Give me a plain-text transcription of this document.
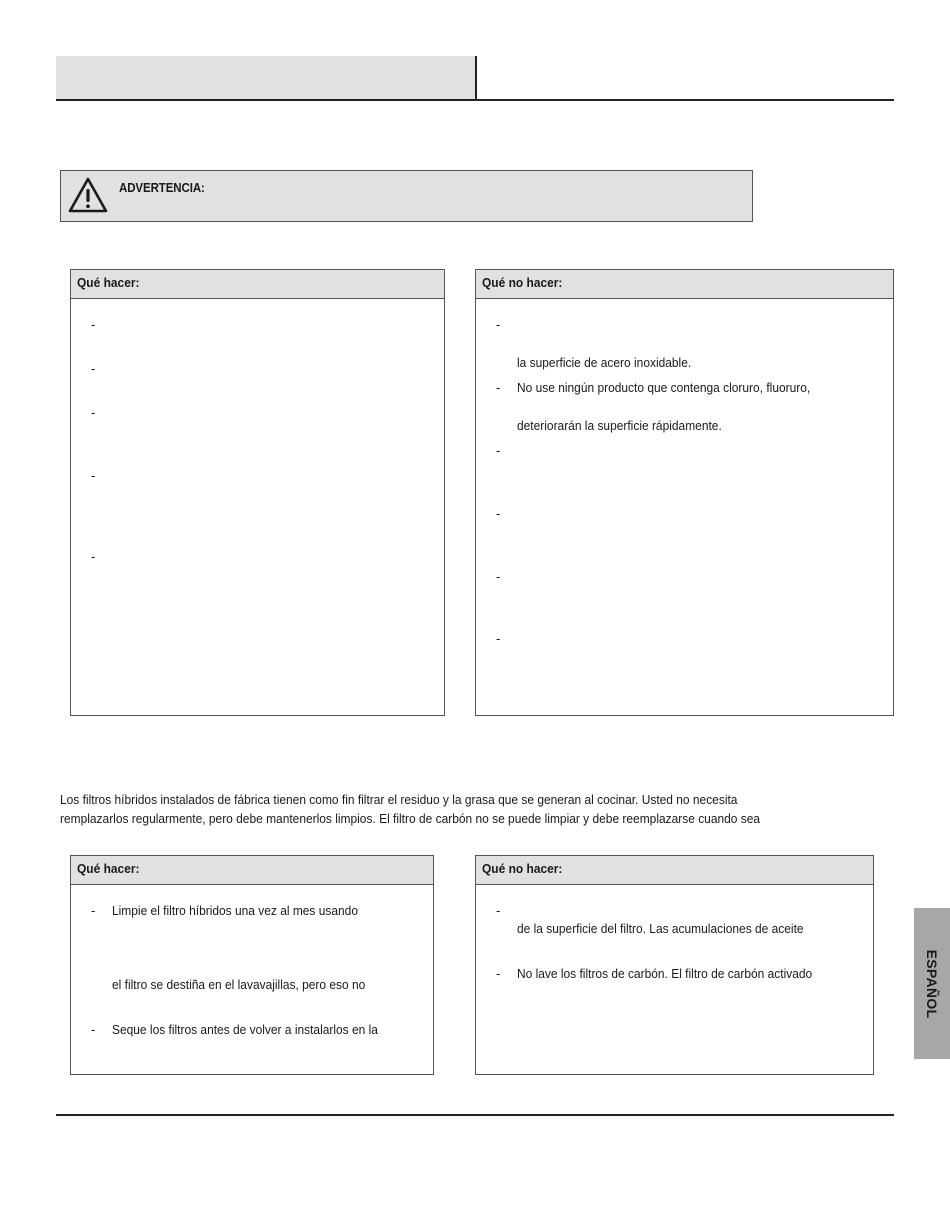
ADVERTENCIA:
Qué hacer:
-
-
-
-
-
Qué no hacer:
-
la superficie de acero inoxidable.
- No use ningún producto que contenga cloruro, fluoruro,
deteriorarán la superficie rápidamente.
-
-
-
-
Los filtros híbridos instalados de fábrica tienen como fin filtrar el residuo y la grasa que se generan al cocinar. Usted no necesita
remplazarlos regularmente, pero debe mantenerlos limpios. El filtro de carbón no se puede limpiar y debe reemplazarse cuando sea
Qué hacer:
- Limpie el filtro híbridos una vez al mes usando
el filtro se destiña en el lavavajillas, pero eso no
- Seque los filtros antes de volver a instalarlos en la
Qué no hacer:
-
de la superficie del filtro. Las acumulaciones de aceite
- No lave los filtros de carbón. El filtro de carbón activado	ESPAÑOL
